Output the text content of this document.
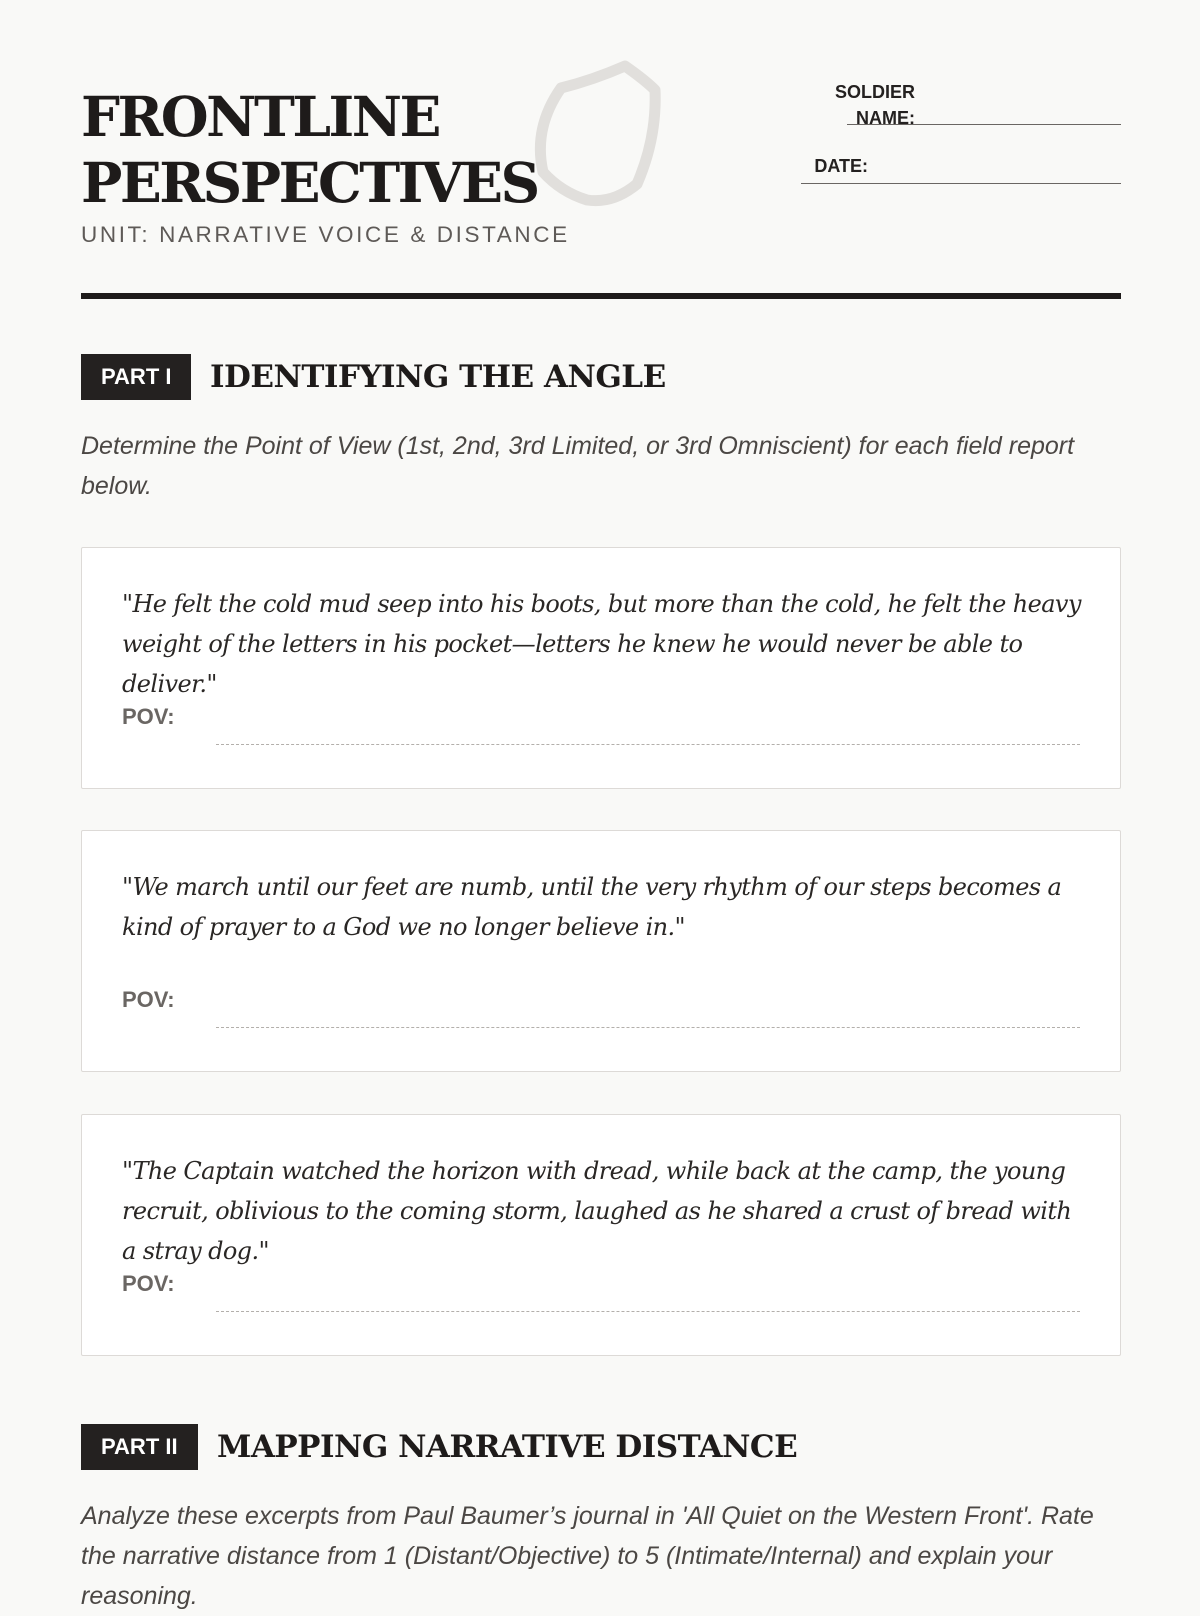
FRONTLINE
PERSPECTIVES
UNIT: NARRATIVE VOICE & DISTANCE
SOLDIER
NAME:
DATE:
PART I	IDENTIFYING THE ANGLE

Determine the Point of View (1st, 2nd, 3rd Limited, or 3rd Omniscient) for each field report below.

"He felt the cold mud seep into his boots, but more than the cold, he felt the heavy weight of the letters in his pocket—letters he knew he would never be able to deliver."

POV:

"We march until our feet are numb, until the very rhythm of our steps becomes a kind of prayer to a God we no longer believe in."

POV:

"The Captain watched the horizon with dread, while back at the camp, the young recruit, oblivious to the coming storm, laughed as he shared a crust of bread with a stray dog."

POV:
PART II	MAPPING NARRATIVE DISTANCE

Analyze these excerpts from Paul Baumer’s journal in 'All Quiet on the Western Front'. Rate the narrative distance from 1 (Distant/Objective) to 5 (Intimate/Internal) and explain your reasoning.
